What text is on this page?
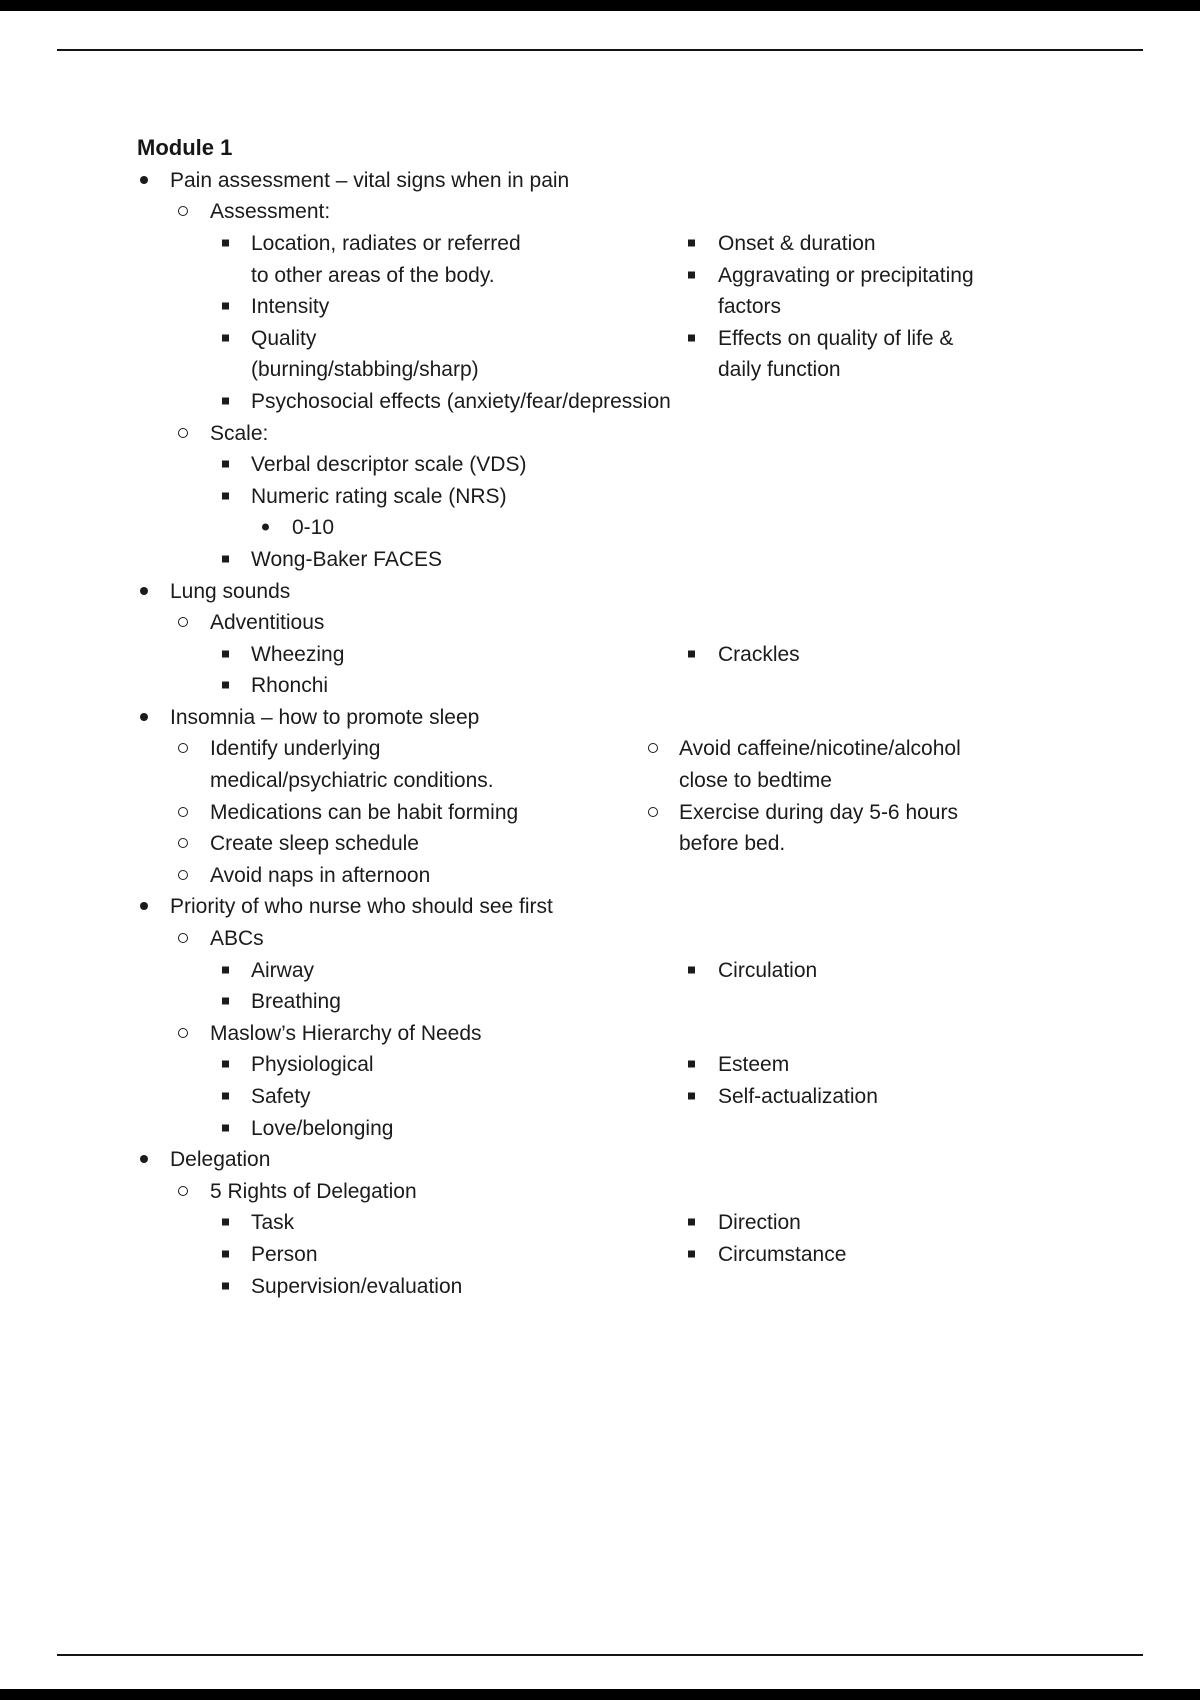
Module 1
Pain assessment – vital signs when in pain
Assessment:
Location, radiates or referred	Onset & duration
to other areas of the body.	Aggravating or precipitating
Intensity	factors
Quality	Effects on quality of life &
(burning/stabbing/sharp)	daily function
Psychosocial effects (anxiety/fear/depression
Scale:
Verbal descriptor scale (VDS)
Numeric rating scale (NRS)
0-10
Wong-Baker FACES
Lung sounds
Adventitious
Wheezing	Crackles
Rhonchi
Insomnia – how to promote sleep
Identify underlying	Avoid caffeine/nicotine/alcohol
medical/psychiatric conditions.	close to bedtime
Medications can be habit forming	Exercise during day 5-6 hours
Create sleep schedule	before bed.
Avoid naps in afternoon
Priority of who nurse who should see first
ABCs
Airway	Circulation
Breathing
Maslow’s Hierarchy of Needs
Physiological	Esteem
Safety	Self-actualization
Love/belonging
Delegation
5 Rights of Delegation
Task	Direction
Person	Circumstance
Supervision/evaluation
